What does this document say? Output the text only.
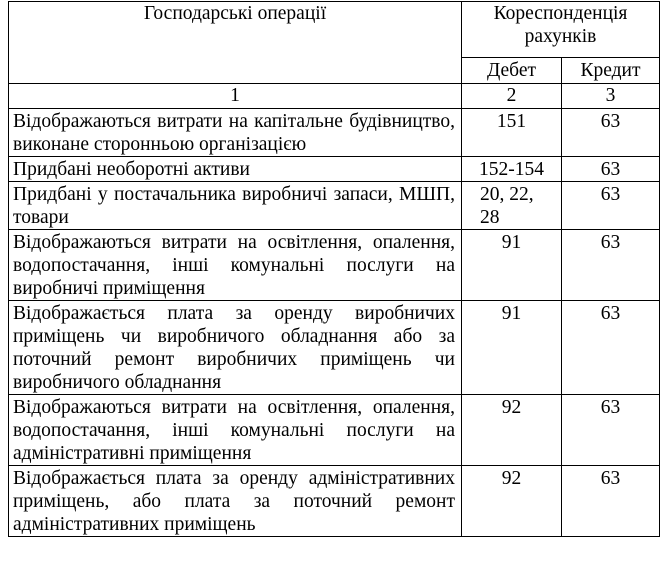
Господарські операції	Кореспонденція рахунків	
	Дебет	Кредит
1	2	3
Відображаються витрати на капітальне будівництво, виконане сторонньою організацією	151	63
Придбані необоротні активи	152-154	63
Придбані у постачальника виробничі запаси, МШП, товари	20, 22, 28	63
Відображаються витрати на освітлення, опалення, водопостачання, інші комунальні послуги на виробничі приміщення	91	63
Відображається плата за оренду виробничих приміщень чи виробничого обладнання або за поточний ремонт виробничих приміщень чи виробничого обладнання	91	63
Відображаються витрати на освітлення, опалення, водопостачання, інші комунальні послуги на адміністративні приміщення	92	63
Відображається плата за оренду адміністративних приміщень, або плата за поточний ремонт адміністративних приміщень	92	63
